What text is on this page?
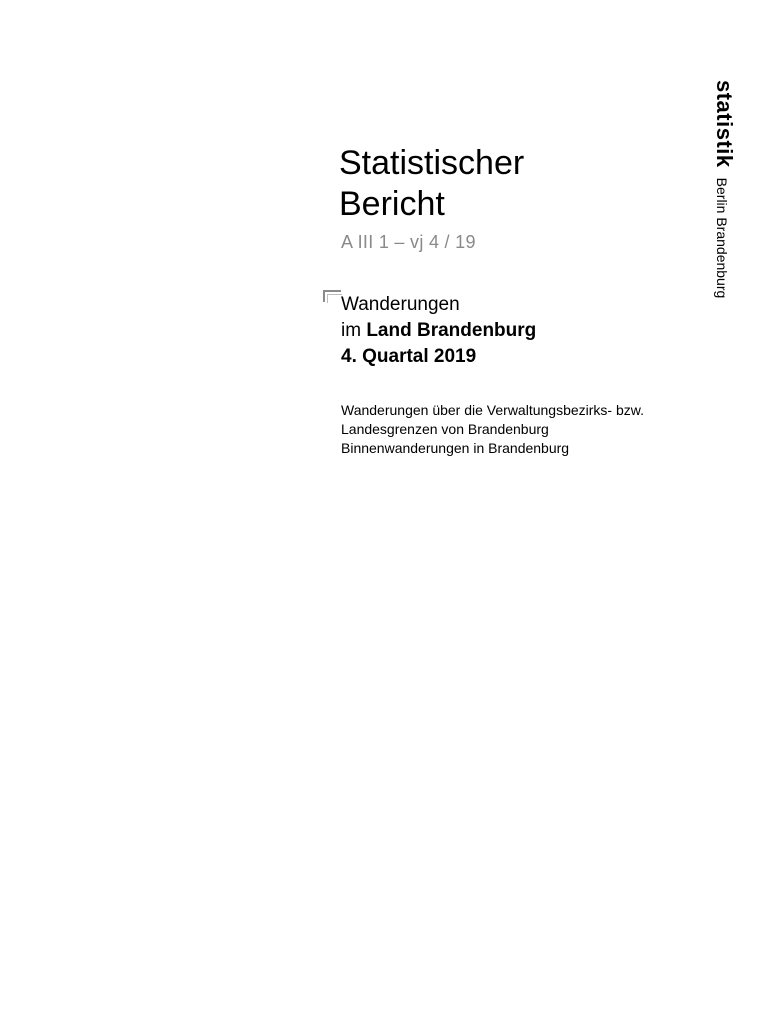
statistikBerlin Brandenburg
Statistischer
Bericht
A III 1 – vj 4 / 19
Wanderungen
im Land Brandenburg
4. Quartal 2019
Wanderungen über die Verwaltungsbezirks- bzw.
Landesgrenzen von Brandenburg
Binnenwanderungen in Brandenburg
